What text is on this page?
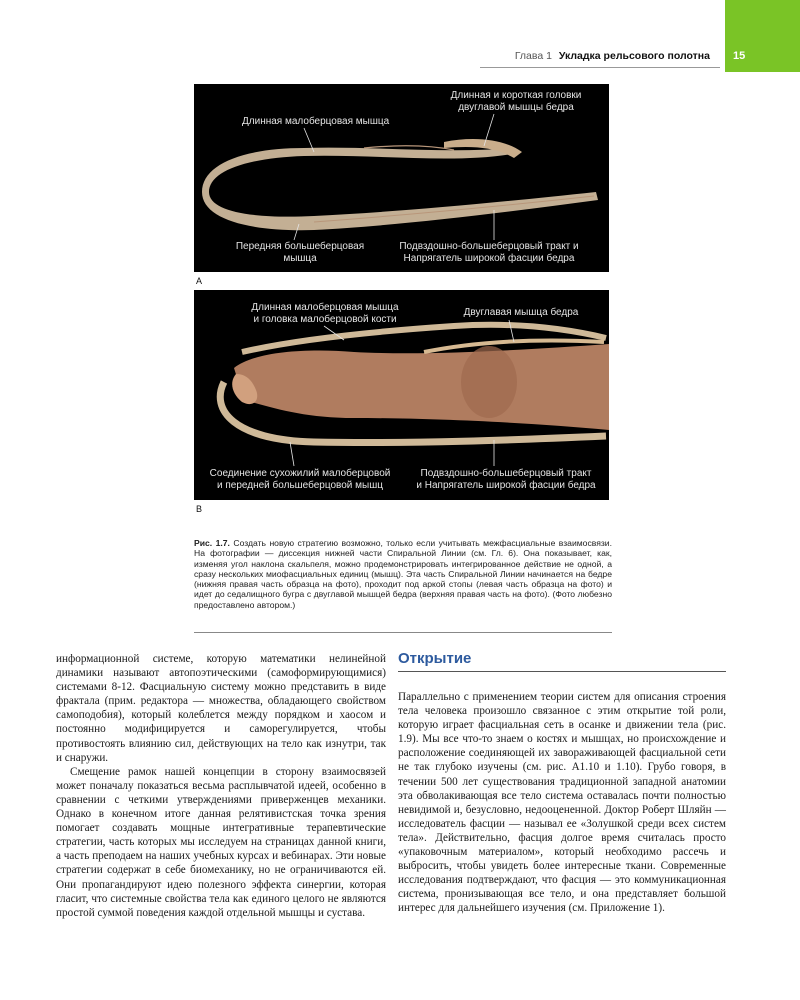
15
Глава 1 Укладка рельсового полотна
Длинная малоберцовая мышца
Длинная и короткая головки
двуглавой мышцы бедра
Передняя большеберцовая
мышца
Подвздошно-большеберцовый тракт и
Напрягатель широкой фасции бедра
A
Длинная малоберцовая мышца
и головка малоберцовой кости
Двуглавая мышца бедра
Соединение сухожилий малоберцовой
и передней большеберцовой мышц
Подвздошно-большеберцовый тракт
и Напрягатель широкой фасции бедра
B

Рис. 1.7. Создать новую стратегию возможно, только если учитывать межфасциальные взаимосвязи. На фотографии — диссекция нижней части Спиральной Линии (см. Гл. 6). Она показывает, как, изменяя угол наклона скальпеля, можно продемонстрировать интегрированное действие не одной, а сразу нескольких миофасциальных единиц (мышц). Эта часть Спиральной Линии начинается на бедре (нижняя правая часть образца на фото), проходит под аркой стопы (левая часть образца на фото) и идет до седалищного бугра с двуглавой мышцей бедра (верхняя правая часть на фото). (Фото любезно предоставлено автором.)

информационной системе, которую математики нелинейной динамики называют автопоэтическими (самоформирующимися) системами 8-12. Фасциальную систему можно представить в виде фрактала (прим. редактора — множества, обладающего свойством самоподобия), который колеблется между порядком и хаосом и постоянно модифицируется и саморегулируется, чтобы противостоять влиянию сил, действующих на тело как изнутри, так и снаружи.

Смещение рамок нашей концепции в сторону взаимосвязей может поначалу показаться весьма расплывчатой идеей, особенно в сравнении с четкими утверждениями приверженцев механики. Однако в конечном итоге данная релятивистская точка зрения помогает создавать мощные интегративные терапевтические стратегии, часть которых мы исследуем на страницах данной книги, а часть преподаем на наших учебных курсах и вебинарах. Эти новые стратегии содержат в себе биомеханику, но не ограничиваются ей. Они пропагандируют идею полезного эффекта синергии, которая гласит, что системные свойства тела как единого целого не являются простой суммой поведения каждой отдельной мышцы и сустава.

Открытие

Параллельно с применением теории систем для описания строения тела человека произошло связанное с этим открытие той роли, которую играет фасциальная сеть в осанке и движении тела (рис. 1.9). Мы все что-то знаем о костях и мышцах, но происхождение и расположение соединяющей их завораживающей фасциальной сети не так глубоко изучены (см. рис. A1.10 и 1.10). Грубо говоря, в течении 500 лет существования традиционной западной анатомии эта обволакивающая все тело система оставалась почти полностью невидимой и, безусловно, недооцененной. Доктор Роберт Шляйн — исследователь фасции — называл ее «Золушкой среди всех систем тела». Действительно, фасция долгое время считалась просто «упаковочным материалом», который необходимо рассечь и выбросить, чтобы увидеть более интересные ткани. Современные исследования подтверждают, что фасция — это коммуникационная система, пронизывающая все тело, и она представляет большой интерес для дальнейшего изучения (см. Приложение 1).
